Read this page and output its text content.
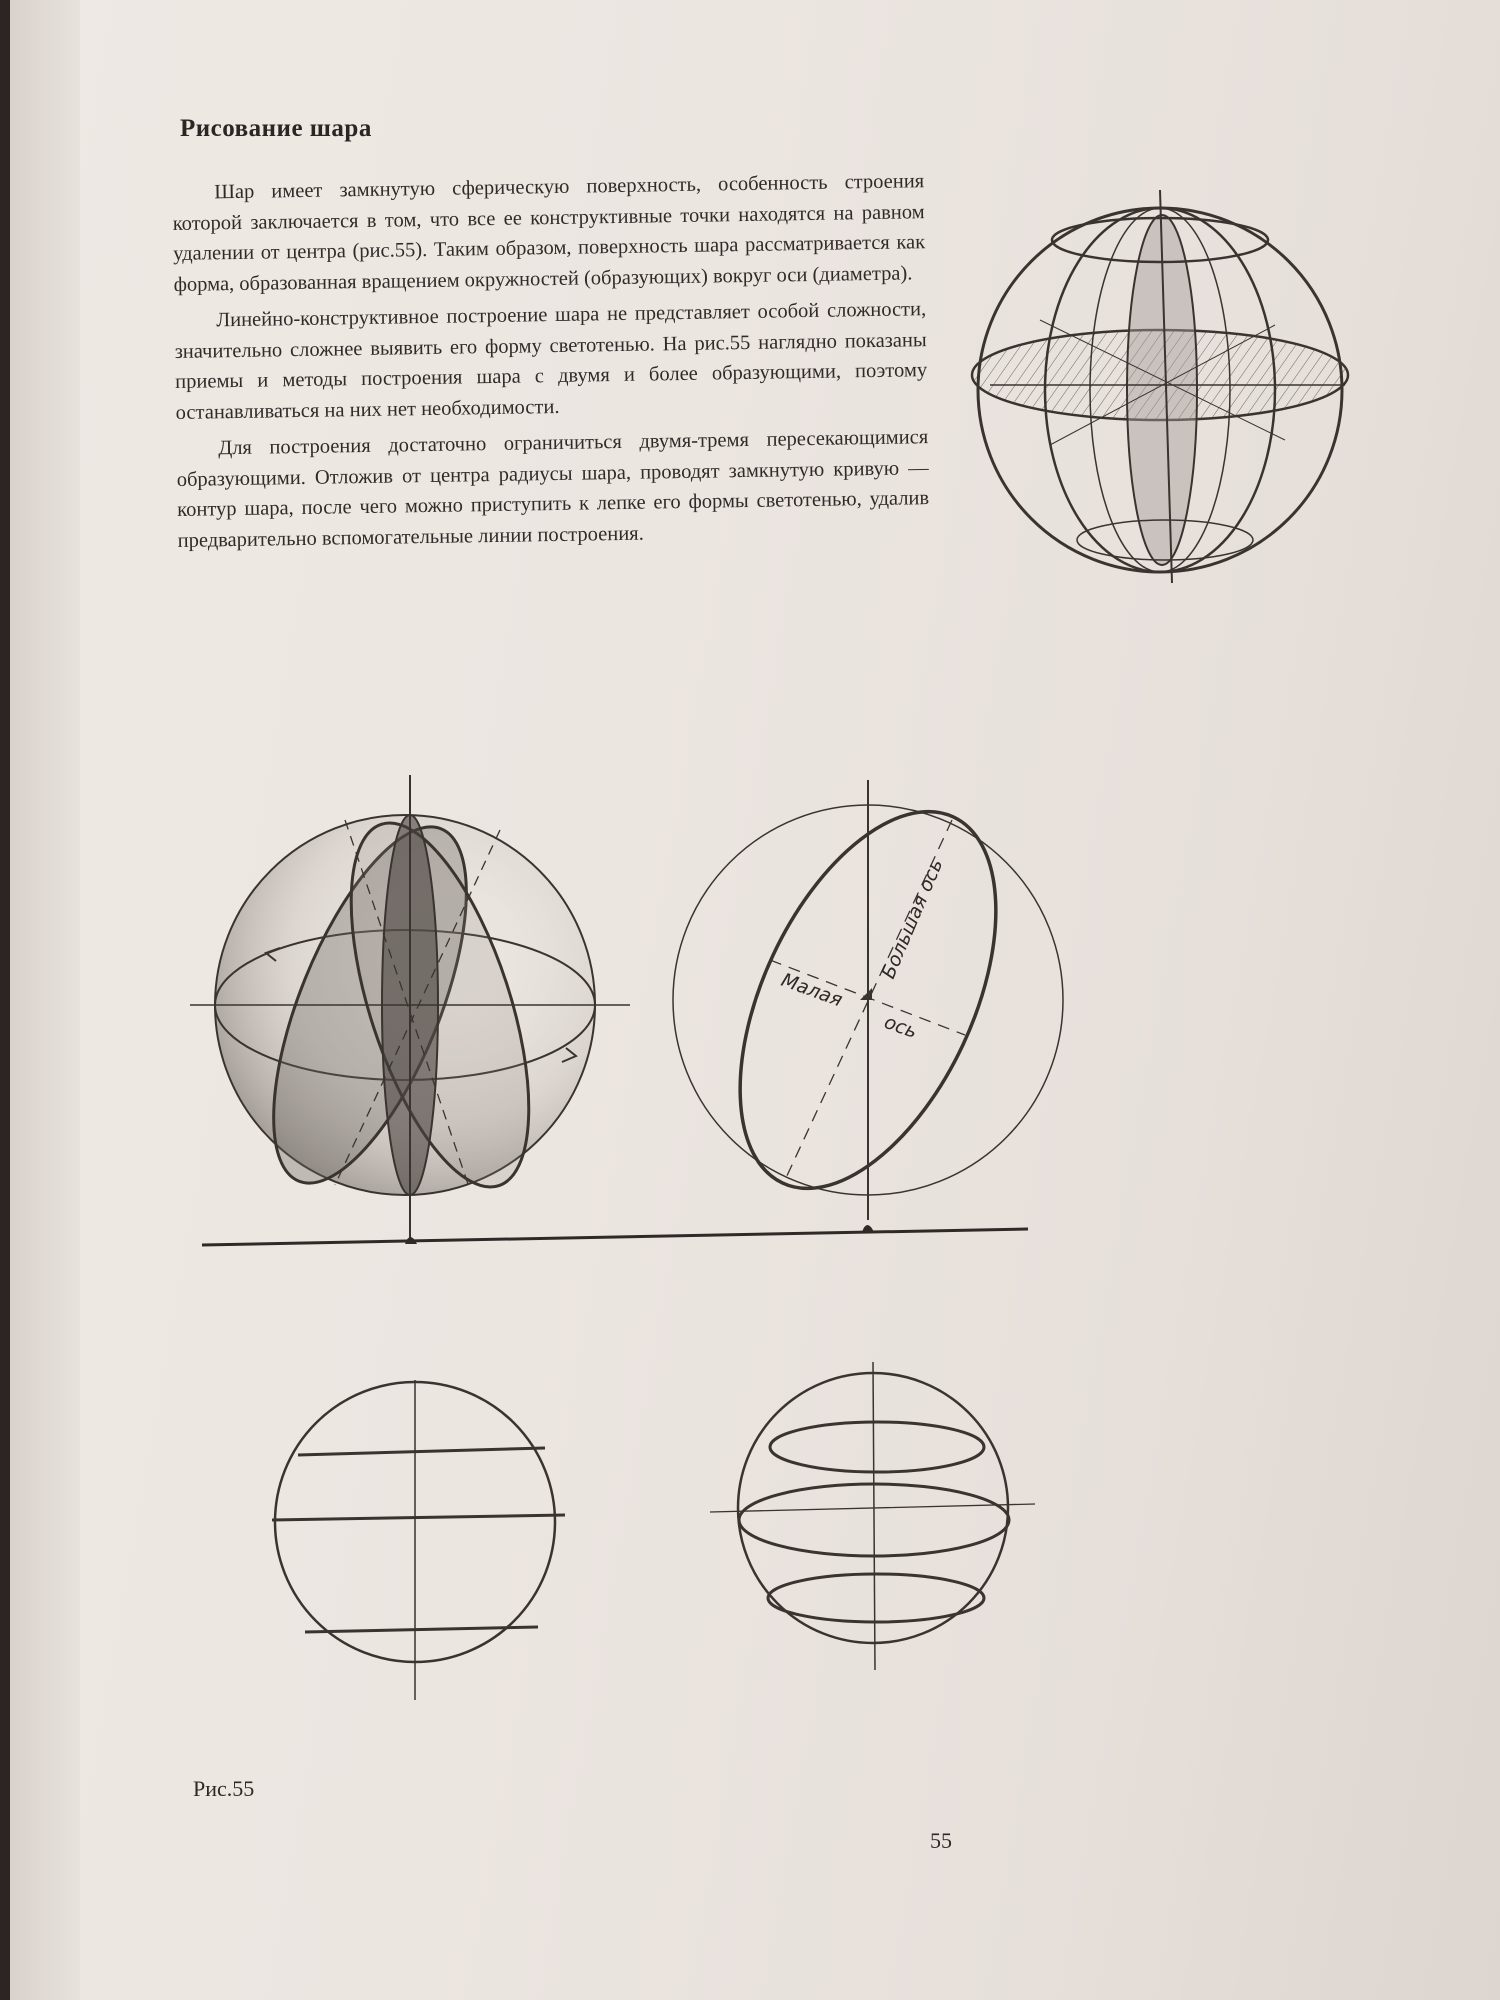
Рисование шара

Шар имеет замкнутую сферическую поверхность, особенность строения которой заключается в том, что все ее конструктивные точки находятся на равном удалении от центра (рис.55). Таким образом, поверхность шара рассматривается как форма, образованная вращением окружностей (образующих) вокруг оси (диаметра).

Линейно-конструктивное построение шара не представляет особой сложности, значительно сложнее выявить его форму светотенью. На рис.55 наглядно показаны приемы и методы построения шара с двумя и более образующими, поэтому останавливаться на них нет необходимости.

Для построения достаточно ограничиться двумя-тремя пересекающимися образующими. Отложив от центра радиусы шара, проводят замкнутую кривую — контур шара, после чего можно приступить к лепке его формы светотенью, удалив предварительно вспомогательные линии построения.

Большая ось
Малая
ось
Рис.55
55
